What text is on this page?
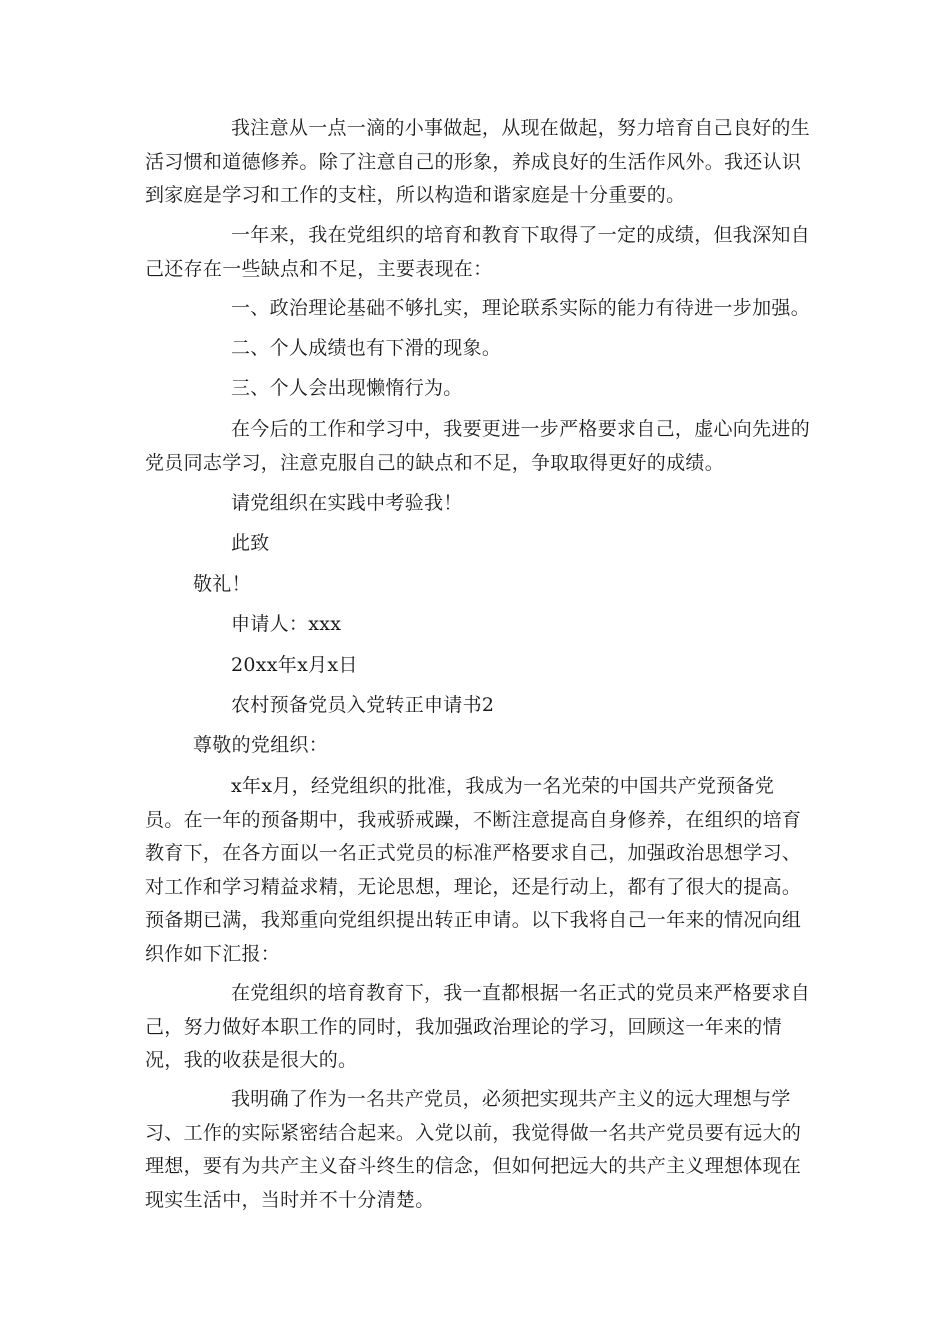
我注意从一点一滴的小事做起，从现在做起，努力培育自己良好的生活习惯和道德修养。除了注意自己的形象，养成良好的生活作风外。我还认识到家庭是学习和工作的支柱，所以构造和谐家庭是十分重要的。

一年来，我在党组织的培育和教育下取得了一定的成绩，但我深知自己还存在一些缺点和不足，主要表现在：

一、政治理论基础不够扎实，理论联系实际的能力有待进一步加强。

二、个人成绩也有下滑的现象。

三、个人会出现懒惰行为。

在今后的工作和学习中，我要更进一步严格要求自己，虚心向先进的党员同志学习，注意克服自己的缺点和不足，争取取得更好的成绩。

请党组织在实践中考验我！

此致

敬礼！

申请人：xxx

20xx年x月x日

农村预备党员入党转正申请书2

尊敬的党组织：

x年x月，经党组织的批准，我成为一名光荣的中国共产党预备党员。在一年的预备期中，我戒骄戒躁，不断注意提高自身修养，在组织的培育教育下，在各方面以一名正式党员的标准严格要求自己，加强政治思想学习、对工作和学习精益求精，无论思想，理论，还是行动上，都有了很大的提高。预备期已满，我郑重向党组织提出转正申请。以下我将自己一年来的情况向组织作如下汇报：

在党组织的培育教育下，我一直都根据一名正式的党员来严格要求自己，努力做好本职工作的同时，我加强政治理论的学习，回顾这一年来的情况，我的收获是很大的。

我明确了作为一名共产党员，必须把实现共产主义的远大理想与学习、工作的实际紧密结合起来。入党以前，我觉得做一名共产党员要有远大的理想，要有为共产主义奋斗终生的信念，但如何把远大的共产主义理想体现在现实生活中，当时并不十分清楚。
